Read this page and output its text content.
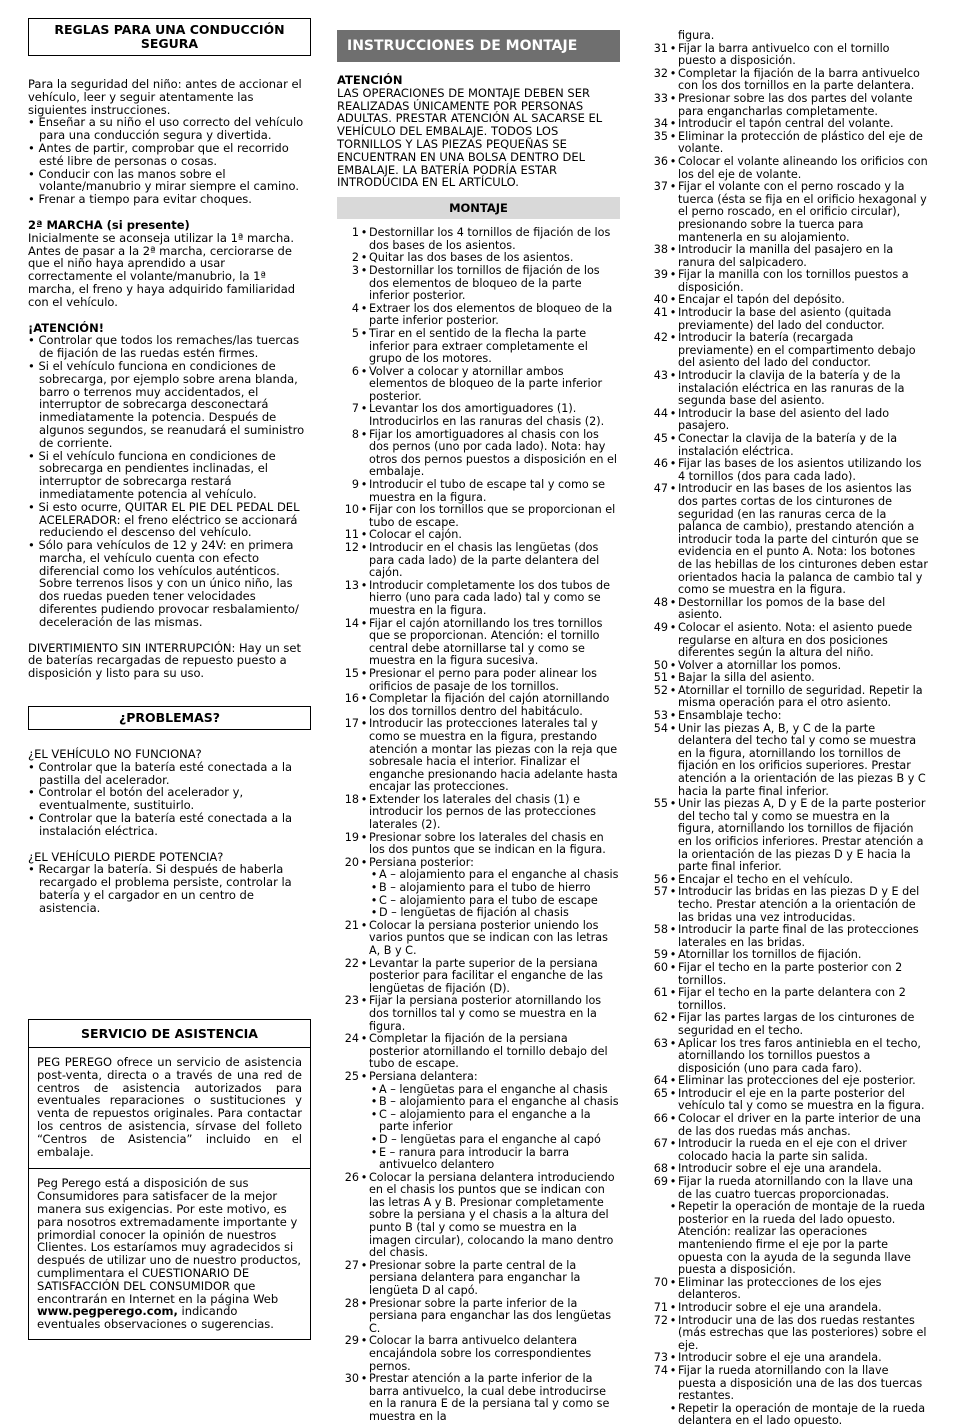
REGLAS PARA UNA CONDUCCIÓN SEGURA

Para la seguridad del niño: antes de accionar el vehículo, leer y seguir atentamente las siguientes instrucciones.

• Enseñar a su niño el uso correcto del vehículo para una conducción segura y divertida.
• Antes de partir, comprobar que el recorrido esté libre de personas o cosas.
• Conducir con las manos sobre el volante/manubrio y mirar siempre el camino.
• Frenar a tiempo para evitar choques.

2ª MARCHA (si presente)

Inicialmente se aconseja utilizar la 1ª marcha. Antes de pasar a la 2ª marcha, cerciorarse de que el niño haya aprendido a usar correctamente el volante/manubrio, la 1ª marcha, el freno y haya adquirido familiaridad con el vehículo.

¡ATENCIÓN!

• Controlar que todos los remaches/las tuercas de fijación de las ruedas estén firmes.
• Si el vehículo funciona en condiciones de sobrecarga, por ejemplo sobre arena blanda, barro o terrenos muy accidentados, el interruptor de sobrecarga desconectará inmediatamente la potencia. Después de algunos segundos, se reanudará el suministro de corriente.
• Si el vehículo funciona en condiciones de sobrecarga en pendientes inclinadas, el interruptor de sobrecarga restará inmediatamente potencia al vehículo.
• Si esto ocurre, QUITAR EL PIE DEL PEDAL DEL ACELERADOR: el freno eléctrico se accionará reduciendo el descenso del vehículo.
• Sólo para vehículos de 12 y 24V: en primera marcha, el vehículo cuenta con efecto diferencial como los vehículos auténticos. Sobre terrenos lisos y con un único niño, las dos ruedas pueden tener velocidades diferentes pudiendo provocar resbalamiento/ deceleración de las mismas.

DIVERTIMIENTO SIN INTERRUPCIÓN: Hay un set de baterías recargadas de repuesto puesto a disposición y listo para su uso.

¿PROBLEMAS?

¿EL VEHÍCULO NO FUNCIONA?

• Controlar que la batería esté conectada a la pastilla del acelerador.
• Controlar el botón del acelerador y, eventualmente, sustituirlo.
• Controlar que la batería esté conectada a la instalación eléctrica.

¿EL VEHÍCULO PIERDE POTENCIA?

• Recargar la batería. Si después de haberla recargado el problema persiste, controlar la batería y el cargador en un centro de asistencia.
SERVICIO DE ASISTENCIA

PEG PEREGO ofrece un servicio de asistencia post-venta, directa o a través de una red de centros de asistencia autorizados para eventuales reparaciones o sustituciones y venta de repuestos originales. Para contactar los centros de asistencia, sírvase del folleto “Centros de Asistencia” incluido en el embalaje.

Peg Perego está a disposición de sus Consumidores para satisfacer de la mejor manera sus exigencias. Por este motivo, es para nosotros extremadamente importante y primordial conocer la opinión de nuestros Clientes. Los estaríamos muy agradecidos si después de utilizar uno de nuestro productos, cumplimentara el CUESTIONARIO DE SATISFACCIÓN DEL CONSUMIDOR que encontrarán en Internet en la página Web www.pegperego.com, indicando eventuales observaciones o sugerencias.

INSTRUCCIONES DE MONTAJE

ATENCIÓN

LAS OPERACIONES DE MONTAJE DEBEN SER REALIZADAS ÚNICAMENTE POR PERSONAS ADULTAS. PRESTAR ATENCIÓN AL SACARSE EL VEHÍCULO DEL EMBALAJE. TODOS LOS TORNILLOS Y LAS PIEZAS PEQUEÑAS SE ENCUENTRAN EN UNA BOLSA DENTRO DEL EMBALAJE. LA BATERÍA PODRÍA ESTAR INTRODUCIDA EN EL ARTÍCULO.

MONTAJE
1 • Destornillar los 4 tornillos de fijación de los dos bases de los asientos.
2 • Quitar las dos bases de los asientos.
3 • Destornillar los tornillos de fijación de los dos elementos de bloqueo de la parte inferior posterior.
4 • Extraer los dos elementos de bloqueo de la parte inferior posterior.
5 • Tirar en el sentido de la flecha la parte inferior para extraer completamente el grupo de los motores.
6 • Volver a colocar y atornillar ambos elementos de bloqueo de la parte inferior posterior.
7 • Levantar los dos amortiguadores (1). Introducirlos en las ranuras del chasis (2).
8 • Fijar los amortiguadores al chasis con los dos pernos (uno por cada lado). Nota: hay otros dos pernos puestos a disposición en el embalaje.
9 • Introducir el tubo de escape tal y como se muestra en la figura.
10 • Fijar con los tornillos que se proporcionan el tubo de escape.
11 • Colocar el cajón.
12 • Introducir en el chasis las lengüetas (dos para cada lado) de la parte delantera del cajón.
13 • Introducir completamente los dos tubos de hierro (uno para cada lado) tal y como se muestra en la figura.
14 • Fijar el cajón atornillando los tres tornillos que se proporcionan. Atención: el tornillo central debe atornillarse tal y como se muestra en la figura sucesiva.
15 • Presionar el perno para poder alinear los orificios de pasaje de los tornillos.
16 • Completar la fijación del cajón atornillando los dos tornillos dentro del habitáculo.
17 • Introducir las protecciones laterales tal y como se muestra en la figura, prestando atención a montar las piezas con la reja que sobresale hacia el interior. Finalizar el enganche presionando hacia adelante hasta encajar las protecciones.
18 • Extender los laterales del chasis (1) e introducir los pernos de las protecciones laterales (2).
19 • Presionar sobre los laterales del chasis en los dos puntos que se indican en la figura.
20 • Persiana posterior:
• A – alojamiento para el enganche al chasis
• B – alojamiento para el tubo de hierro
• C – alojamiento para el tubo de escape
• D – lengüetas de fijación al chasis
21 • Colocar la persiana posterior uniendo los varios puntos que se indican con las letras A, B y C.
22 • Levantar la parte superior de la persiana posterior para facilitar el enganche de las lengüetas de fijación (D).
23 • Fijar la persiana posterior atornillando los dos tornillos tal y como se muestra en la figura.
24 • Completar la fijación de la persiana posterior atornillando el tornillo debajo del tubo de escape.
25 • Persiana delantera:
• A – lengüetas para el enganche al chasis
• B – alojamiento para el enganche al chasis
• C – alojamiento para el enganche a la parte inferior
• D – lengüetas para el enganche al capó
• E – ranura para introducir la barra antivuelco delantero
26 • Colocar la persiana delantera introduciendo en el chasis los puntos que se indican con las letras A y B. Presionar completamente sobre la persiana y el chasis a la altura del punto B (tal y como se muestra en la imagen circular), colocando la mano dentro del chasis.
27 • Presionar sobre la parte central de la persiana delantera para enganchar la lengüeta D al capó.
28 • Presionar sobre la parte inferior de la persiana para enganchar las dos lengüetas C.
29 • Colocar la barra antivuelco delantera encajándola sobre los correspondientes pernos.
30 • Prestar atención a la parte inferior de la barra antivuelco, la cual debe introducirse en la ranura E de la persiana tal y como se muestra en la
figura.
31 • Fijar la barra antivuelco con el tornillo puesto a disposición.
32 • Completar la fijación de la barra antivuelco con los dos tornillos en la parte delantera.
33 • Presionar sobre las dos partes del volante para engancharlas completamente.
34 • Introducir el tapón central del volante.
35 • Eliminar la protección de plástico del eje de volante.
36 • Colocar el volante alineando los orificios con los del eje de volante.
37 • Fijar el volante con el perno roscado y la tuerca (ésta se fija en el orificio hexagonal y el perno roscado, en el orificio circular), presionando sobre la tuerca para mantenerla en su alojamiento.
38 • Introducir la manilla del pasajero en la ranura del salpicadero.
39 • Fijar la manilla con los tornillos puestos a disposición.
40 • Encajar el tapón del depósito.
41 • Introducir la base del asiento (quitada previamente) del lado del conductor.
42 • Introducir la batería (recargada previamente) en el compartimento debajo del asiento del lado del conductor.
43 • Introducir la clavija de la batería y de la instalación eléctrica en las ranuras de la segunda base del asiento.
44 • Introducir la base del asiento del lado pasajero.
45 • Conectar la clavija de la batería y de la instalación eléctrica.
46 • Fijar las bases de los asientos utilizando los 4 tornillos (dos para cada lado).
47 • Introducir en las bases de los asientos las dos partes cortas de los cinturones de seguridad (en las ranuras cerca de la palanca de cambio), prestando atención a introducir toda la parte del cinturón que se evidencia en el punto A. Nota: los botones de las hebillas de los cinturones deben estar orientados hacia la palanca de cambio tal y como se muestra en la figura.
48 • Destornillar los pomos de la base del asiento.
49 • Colocar el asiento. Nota: el asiento puede regularse en altura en dos posiciones diferentes según la altura del niño.
50 • Volver a atornillar los pomos.
51 • Bajar la silla del asiento.
52 • Atornillar el tornillo de seguridad. Repetir la misma operación para el otro asiento.
53 • Ensamblaje techo:
54 • Unir las piezas A, B, y C de la parte delantera del techo tal y como se muestra en la figura, atornillando los tornillos de fijación en los orificios superiores. Prestar atención a la orientación de las piezas B y C hacia la parte final inferior.
55 • Unir las piezas A, D y E de la parte posterior del techo tal y como se muestra en la figura, atornillando los tornillos de fijación en los orificios inferiores. Prestar atención a la orientación de las piezas D y E hacia la parte final inferior.
56 • Encajar el techo en el vehículo.
57 • Introducir las bridas en las piezas D y E del techo. Prestar atención a la orientación de las bridas una vez introducidas.
58 • Introducir la parte final de las protecciones laterales en las bridas.
59 • Atornillar los tornillos de fijación.
60 • Fijar el techo en la parte posterior con 2 tornillos.
61 • Fijar el techo en la parte delantera con 2 tornillos.
62 • Fijar las partes largas de los cinturones de seguridad en el techo.
63 • Aplicar los tres faros antiniebla en el techo, atornillando los tornillos puestos a disposición (uno para cada faro).
64 • Eliminar las protecciones del eje posterior.
65 • Introducir el eje en la parte posterior del vehículo tal y como se muestra en la figura.
66 • Colocar el driver en la parte interior de una de las dos ruedas más anchas.
67 • Introducir la rueda en el eje con el driver colocado hacia la parte sin salida.
68 • Introducir sobre el eje una arandela.
69 • Fijar la rueda atornillando con la llave una de las cuatro tuercas proporcionadas.
• Repetir la operación de montaje de la rueda posterior en la rueda del lado opuesto. Atención: realizar las operaciones manteniendo firme el eje por la parte opuesta con la ayuda de la segunda llave puesta a disposición.
70 • Eliminar las protecciones de los ejes delanteros.
71 • Introducir sobre el eje una arandela.
72 • Introducir una de las dos ruedas restantes (más estrechas que las posteriores) sobre el eje.
73 • Introducir sobre el eje una arandela.
74 • Fijar la rueda atornillando con la llave puesta a disposición una de las dos tuercas restantes.
• Repetir la operación de montaje de la rueda delantera en el lado opuesto.
